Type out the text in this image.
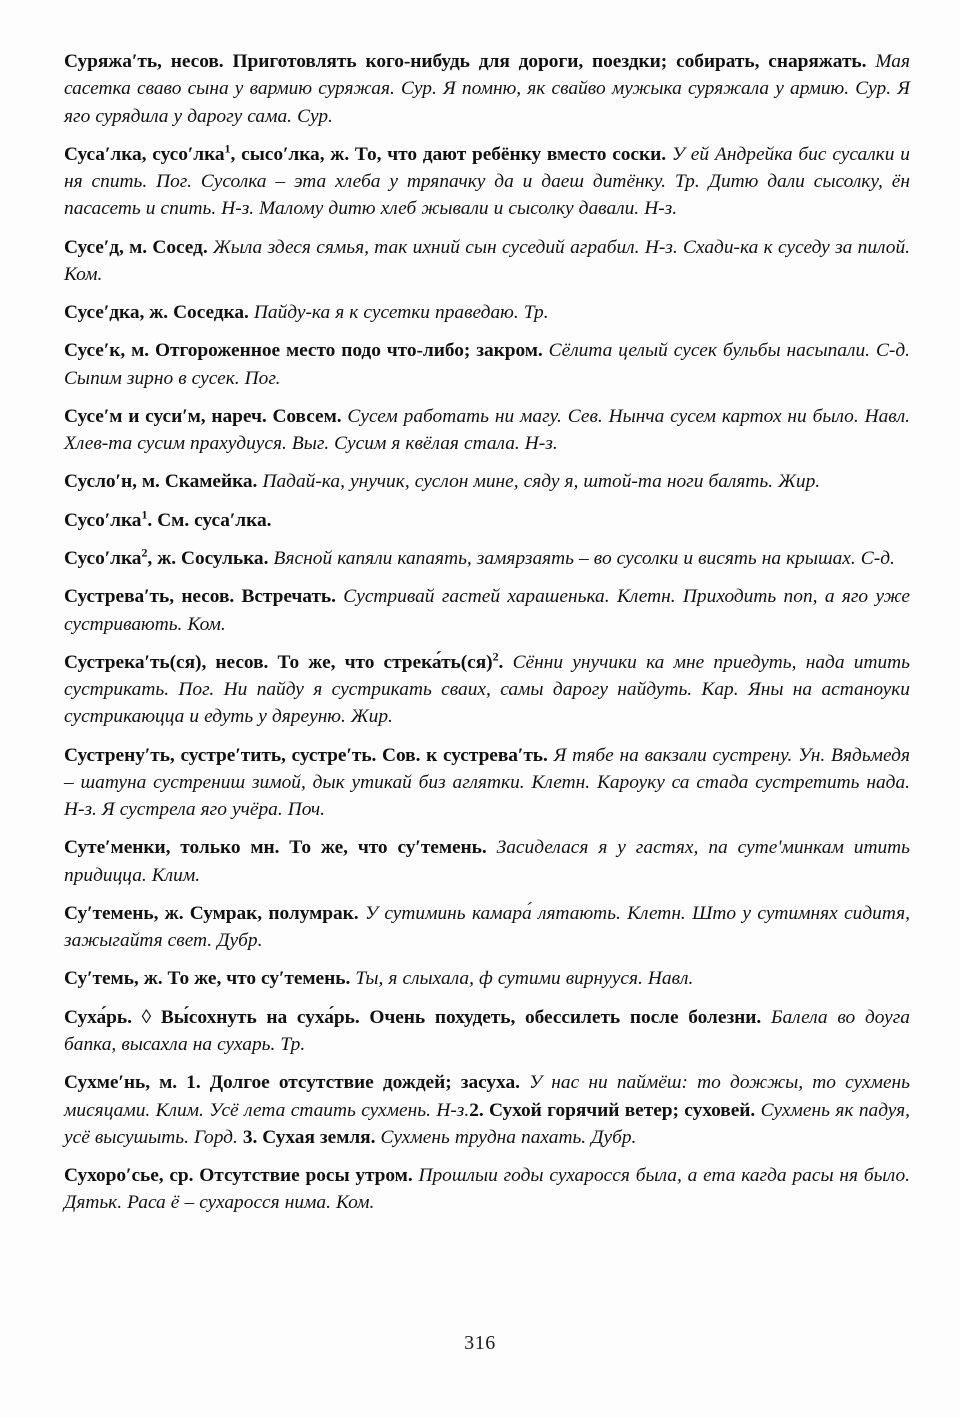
Суряжаʹть, несов. Приготовлять кого-нибудь для дороги, поездки; собирать, снаряжать. Мая сасетка сваво сына у вармию суряжая. Сур. Я помню, як свайво мужыка суряжала у армию. Сур. Я яго сурядила у дарогу сама. Сур.

Сусаʹлка, сусоʹлка$^1$, сысоʹлка, ж. То, что дают ребёнку вместо соски. У ей Андрейка бис сусалки и ня спить. Пог. Сусолка – эта хлеба у тряпачку да и даеш дитёнку. Тр. Дитю дали сысолку, ён пасасеть и спить. Н-з. Малому дитю хлеб жывали и сысолку давали. Н-з.

Сусеʹд, м. Сосед. Жыла здеся сямья, так ихний сын суседий аграбил. Н-з. Схади-ка к суседу за пилой. Ком.

Сусеʹдка, ж. Соседка. Пайду-ка я к сусетки праведаю. Тр.

Сусеʹк, м. Отгороженное место подо что-либо; закром. Сёлита целый сусек бульбы насыпали. С-д. Сыпим зирно в сусек. Пог.

Сусеʹм и сусиʹм, нареч. Совсем. Сусем работать ни магу. Сев. Нынча сусем картох ни было. Навл. Хлев-та сусим прахудиуся. Выг. Сусим я квёлая стала. Н-з.

Суслоʹн, м. Скамейка. Падай-ка, унучик, суслон мине, сяду я, штой-та ноги балять. Жир.

Сусоʹлка$^1$. См. сусаʹлка.

Сусоʹлка$^2$, ж. Сосулька. Вясной капяли капаять, замярзаять – во сусолки и висять на крышах. С-д.

Сустреваʹть, несов. Встречать. Сустривай гастей харашенька. Клетн. Приходить поп, а яго уже сустривають. Ком.

Сустрекаʹть(ся), несов. То же, что стрека́ть(ся)$^2$. Сённи унучики ка мне приедуть, нада итить сустрикать. Пог. Ни пайду я сустрикать сваих, самы дарогу найдуть. Кар. Яны на астаноуки сустрикаюцца и едуть у дяреуню. Жир.

Сустренуʹть, сустреʹтить, сустреʹть. Сов. к сустреваʹть. Я тябе на вакзали сустрену. Ун. Вядьмедя – шатуна сустрениш зимой, дык утикай биз аглятки. Клетн. Кароуку са стада сустретить нада. Н-з. Я сустрела яго учёра. Поч.

Сутеʹменки, только мн. То же, что суʹтемень. Засиделася я у гастях, па сутеʹминкам итить придицца. Клим.

Суʹтемень, ж. Сумрак, полумрак. У сутиминь камара́ лятають. Клетн. Што у сутимнях сидитя, зажыгайтя свет. Дубр.

Суʹтемь, ж. То же, что суʹтемень. Ты, я слыхала, ф сутими вирнууся. Навл.

Суха́рь. ◊ Вы́сохнуть на суха́рь. Очень похудеть, обессилеть после болезни. Балела во доуга бапка, высахла на сухарь. Тр.

Сухмеʹнь, м. 1. Долгое отсутствие дождей; засуха. У нас ни паймёш: то дожжы, то сухмень мисяцами. Клим. Усё лета стаить сухмень. Н-з.2. Сухой горячий ветер; суховей. Сухмень як падуя, усё высушыть. Горд. 3. Сухая земля. Сухмень трудна пахать. Дубр.

Сухороʹсье, ср. Отсутствие росы утром. Прошлыи годы сухаросся была, а ета кагда расы ня было. Дятьк. Раса ё – сухаросся нима. Ком.

316
